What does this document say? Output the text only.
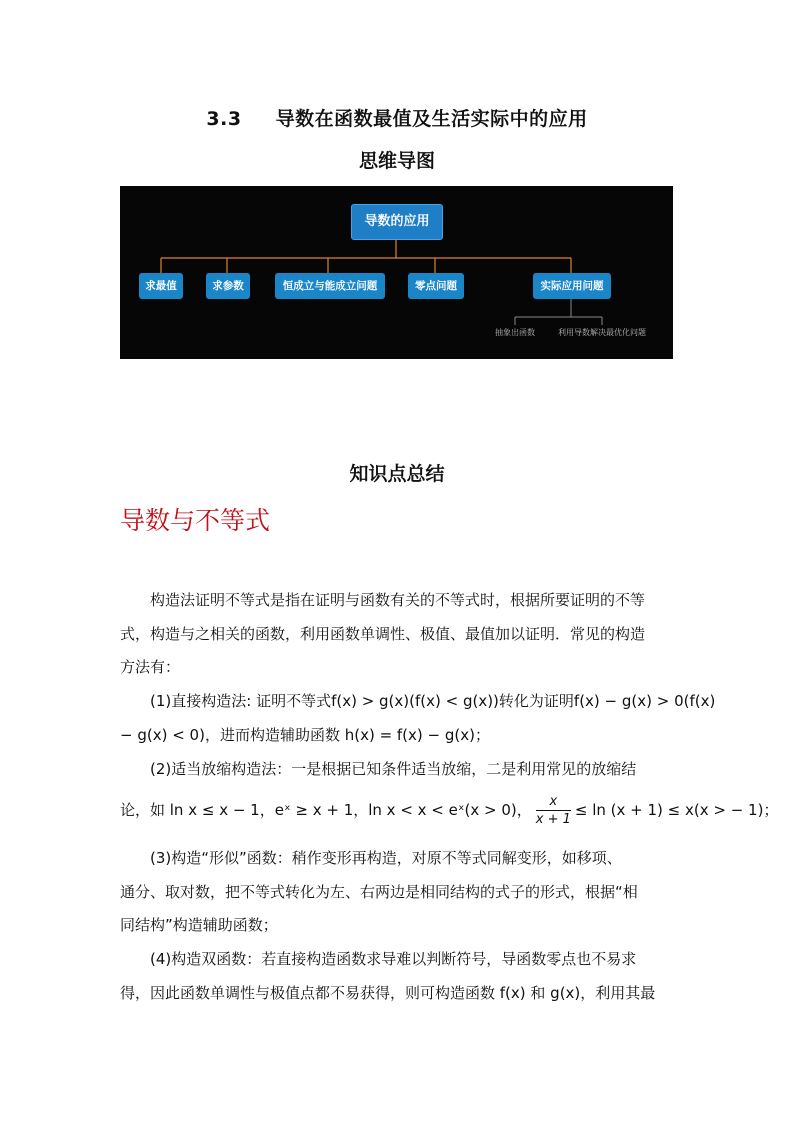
3.3 导数在函数最值及生活实际中的应用
思维导图
导数的应用
求最值	求参数	恒成立与能成立问题	零点问题	实际应用问题
抽象出函数	利用导数解决最优化问题
知识点总结
导数与不等式
构造法证明不等式是指在证明与函数有关的不等式时，根据所要证明的不等
式，构造与之相关的函数，利用函数单调性、极值、最值加以证明．常见的构造
方法有：
(1)直接构造法: 证明不等式f(x) > g(x)(f(x) < g(x))转化为证明f(x) − g(x) > 0(f(x)
− g(x) < 0)，进而构造辅助函数 h(x) = f(x) − g(x)；
(2)适当放缩构造法：一是根据已知条件适当放缩，二是利用常见的放缩结
论，如 ln x ≤ x − 1，eˣ ≥ x + 1，ln x < x < eˣ(x > 0)， $\frac{x}{x + 1} \le \ln (x + 1) \le x(x$ > − 1)；
(3)构造“形似”函数：稍作变形再构造，对原不等式同解变形，如移项、
通分、取对数，把不等式转化为左、右两边是相同结构的式子的形式，根据“相
同结构”构造辅助函数；
(4)构造双函数：若直接构造函数求导难以判断符号，导函数零点也不易求
得，因此函数单调性与极值点都不易获得，则可构造函数 f(x) 和 g(x)，利用其最
